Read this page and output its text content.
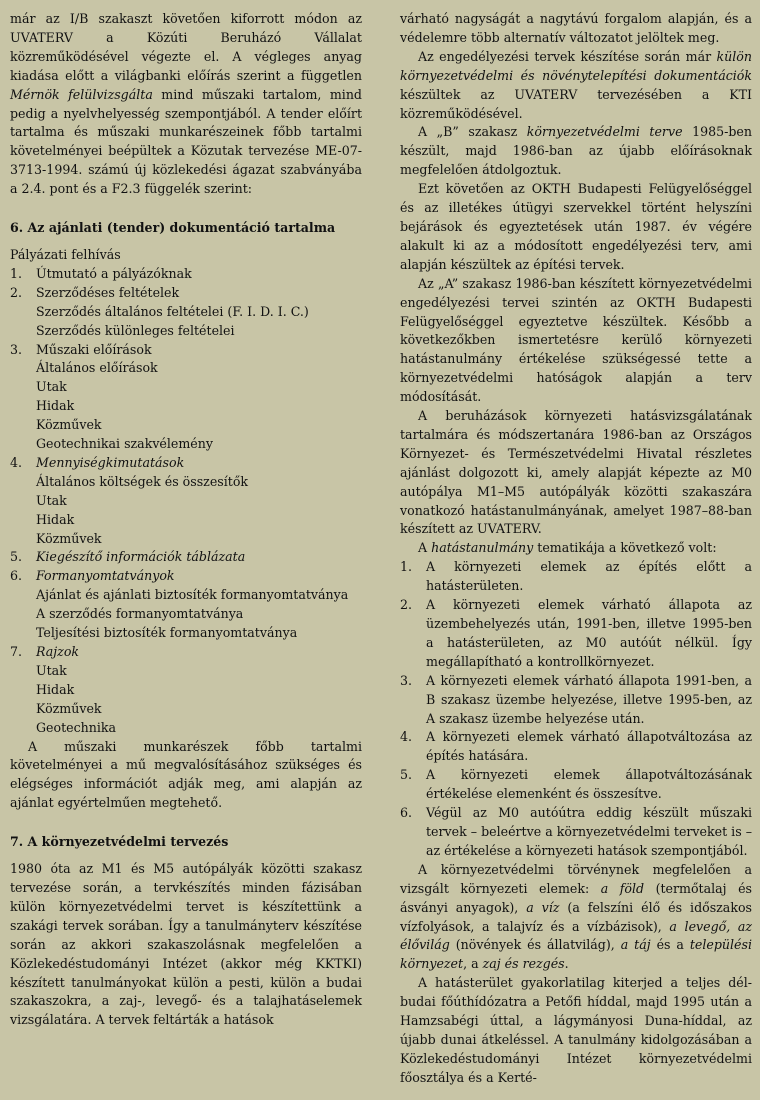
már az I/B szakaszt követően kiforrott módon az UVATERV a Közúti Beruházó Vállalat közreműködésével végezte el. A végleges anyag kiadása előtt a világbanki előírás szerint a független Mérnök felülvizsgálta mind műszaki tartalom, mind pedig a nyelvhelyesség szempontjából. A tender előírt tartalma és műszaki munkarészeinek főbb tartalmi követelményei beépültek a Közutak tervezése ME-07-3713-1994. számú új közlekedési ágazat szabványába a 2.4. pont és a F2.3 függelék szerint:

6. Az ajánlati (tender) dokumentáció tartalma

Pályázati felhívás

1.	Útmutató a pályázóknak
2.	Szerződéses feltételek
Szerződés általános feltételei (F. I. D. I. C.)
Szerződés különleges feltételei
3.	Műszaki előírások
Általános előírások
Utak
Hidak
Közművek
Geotechnikai szakvélemény
4.	Mennyiségkimutatások
Általános költségek és összesítők
Utak
Hidak
Közművek
5.	Kiegészítő információk táblázata
6.	Formanyomtatványok
Ajánlat és ajánlati biztosíték formanyomtatványa
A szerződés formanyomtatványa
Teljesítési biztosíték formanyomtatványa
7.	Rajzok
Utak
Hidak
Közművek
Geotechnika

A műszaki munkarészek főbb tartalmi követelményei a mű megvalósításához szükséges és elégséges információt adják meg, ami alapján az ajánlat egyértelműen megtehető.

7. A környezetvédelmi tervezés

1980 óta az M1 és M5 autópályák közötti szakasz tervezése során, a tervkészítés minden fázisában külön környezetvédelmi tervet is készítettünk a szakági tervek sorában. Így a tanulmányterv készítése során az akkori szakaszolásnak megfelelően a Közlekedéstudományi Intézet (akkor még KKTKI) készített tanulmányokat külön a pesti, külön a budai szakaszokra, a zaj-, levegő- és a talajhatáselemek vizsgálatára. A tervek feltárták a hatások

várható nagyságát a nagytávú forgalom alapján, és a védelemre több alternatív változatot jelöltek meg.

Az engedélyezési tervek készítése során már külön környezetvédelmi és növénytelepítési dokumentációk készültek az UVATERV tervezésében a KTI közreműködésével.

A „B” szakasz környezetvédelmi terve 1985-ben készült, majd 1986-ban az újabb előírásoknak megfelelően átdolgoztuk.

Ezt követően az OKTH Budapesti Felügyelőséggel és az illetékes útügyi szervekkel történt helyszíni bejárások és egyeztetések után 1987. év végére alakult ki az a módosított engedélyezési terv, ami alapján készültek az építési tervek.

Az „A” szakasz 1986-ban készített környezetvédelmi engedélyezési tervei szintén az OKTH Budapesti Felügyelőséggel egyeztetve készültek. Később a következőkben ismertetésre kerülő környezeti hatástanulmány értékelése szükségessé tette a környezetvédelmi hatóságok alapján a terv módosítását.

A beruházások környezeti hatásvizsgálatának tartalmára és módszertanára 1986-ban az Országos Környezet- és Természetvédelmi Hivatal részletes ajánlást dolgozott ki, amely alapját képezte az M0 autópálya M1–M5 autópályák közötti szakaszára vonatkozó hatástanulmányának, amelyet 1987–88-ban készített az UVATERV.

A hatástanulmány tematikája a következő volt:

1.	A környezeti elemek az építés előtt a hatásterületen.
2.	A környezeti elemek várható állapota az üzembehelyezés után, 1991-ben, illetve 1995-ben a hatásterületen, az M0 autóút nélkül. Így megállapítható a kontrollkörnyezet.
3.	A környezeti elemek várható állapota 1991-ben, a B szakasz üzembe helyezése, illetve 1995-ben, az A szakasz üzembe helyezése után.
4.	A környezeti elemek várható állapotváltozása az építés hatására.
5.	A környezeti elemek állapotváltozásának értékelése elemenként és összesítve.
6.	Végül az M0 autóútra eddig készült műszaki tervek – beleértve a környezetvédelmi terveket is – az értékelése a környezeti hatások szempontjából.

A környezetvédelmi törvénynek megfelelően a vizsgált környezeti elemek: a föld (termőtalaj és ásványi anyagok), a víz (a felszíni élő és időszakos vízfolyások, a talajvíz és a vízbázisok), a levegő, az élővilág (növények és állatvilág), a táj és a települési környezet, a zaj és rezgés.

A hatásterület gyakorlatilag kiterjed a teljes dél-budai főúthídózatra a Petőfi híddal, majd 1995 után a Hamzsabégi úttal, a lágymányosi Duna-híddal, az újabb dunai átkeléssel. A tanulmány kidolgozásában a Közlekedéstudományi Intézet környezetvédelmi főosztálya és a Kerté-
